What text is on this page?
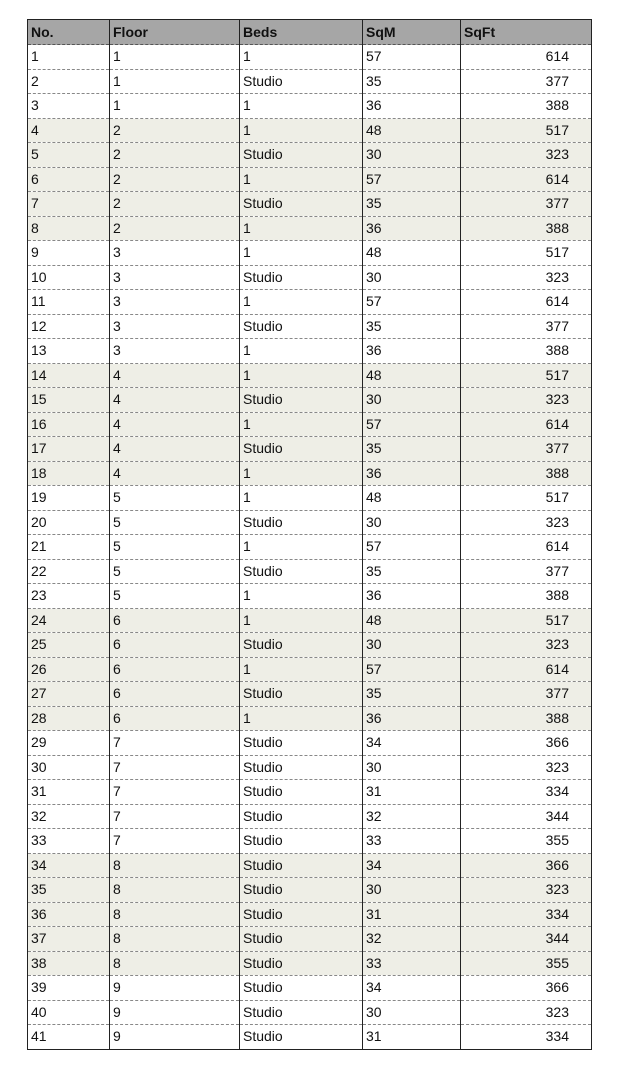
No.	Floor	Beds	SqM	SqFt
1	1	1	57	614
2	1	Studio	35	377
3	1	1	36	388
4	2	1	48	517
5	2	Studio	30	323
6	2	1	57	614
7	2	Studio	35	377
8	2	1	36	388
9	3	1	48	517
10	3	Studio	30	323
11	3	1	57	614
12	3	Studio	35	377
13	3	1	36	388
14	4	1	48	517
15	4	Studio	30	323
16	4	1	57	614
17	4	Studio	35	377
18	4	1	36	388
19	5	1	48	517
20	5	Studio	30	323
21	5	1	57	614
22	5	Studio	35	377
23	5	1	36	388
24	6	1	48	517
25	6	Studio	30	323
26	6	1	57	614
27	6	Studio	35	377
28	6	1	36	388
29	7	Studio	34	366
30	7	Studio	30	323
31	7	Studio	31	334
32	7	Studio	32	344
33	7	Studio	33	355
34	8	Studio	34	366
35	8	Studio	30	323
36	8	Studio	31	334
37	8	Studio	32	344
38	8	Studio	33	355
39	9	Studio	34	366
40	9	Studio	30	323
41	9	Studio	31	334
